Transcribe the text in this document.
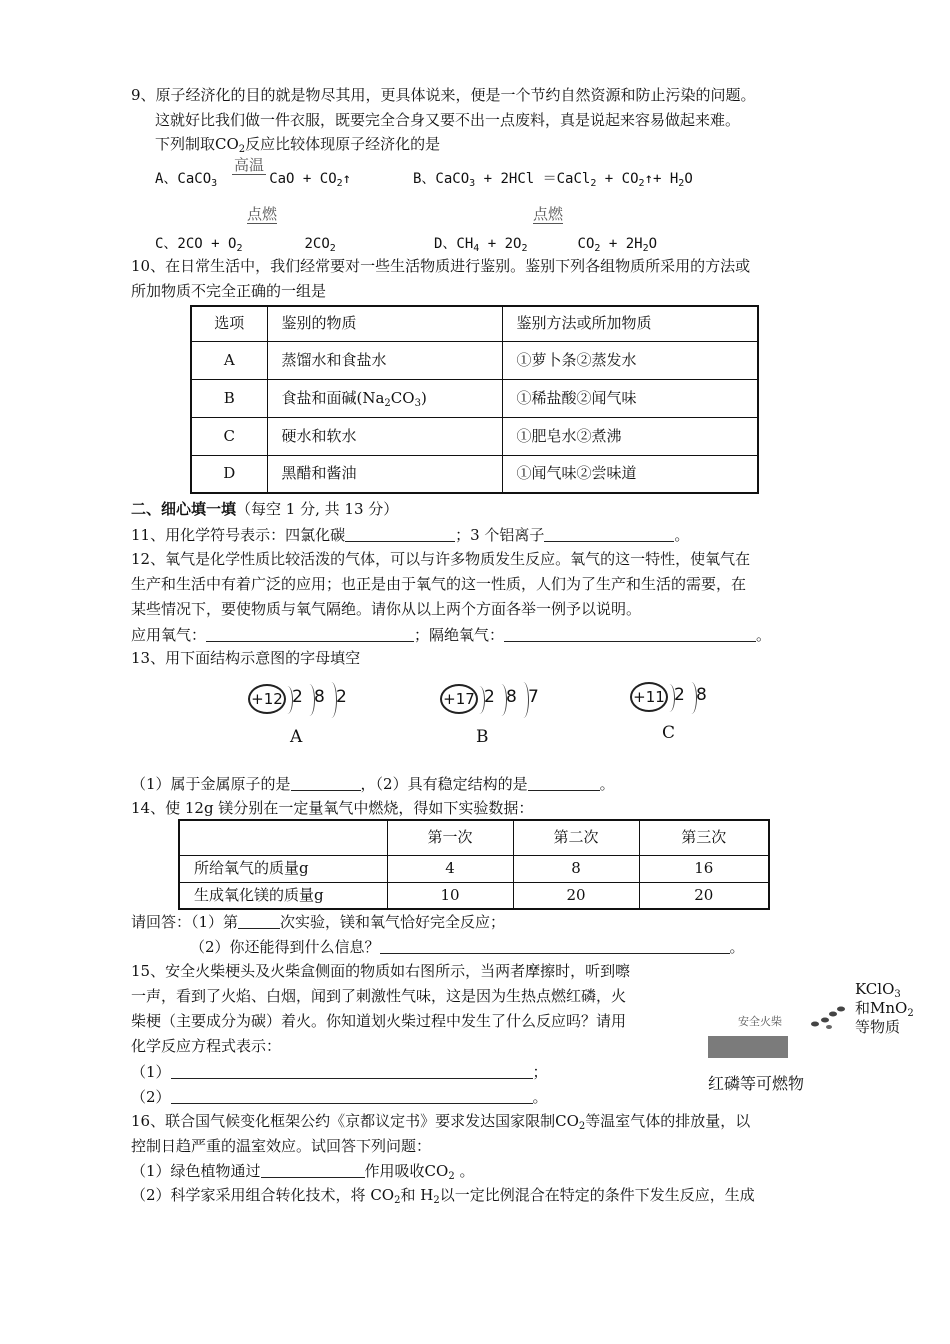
9、原子经济化的目的就是物尽其用，更具体说来，便是一个节约自然资源和防止污染的问题。
这就好比我们做一件衣服，既要完全合身又要不出一点废料，真是说起来容易做起来难。
下列制取$CO_2$反应比较体现原子经济化的是
高温
A、CaCO$_3$	CaO + $CO_2↑$	B、CaCO$_3$ + 2HCl ＝CaCl$_2$ + $CO_2↑+ H_2O$
点燃	点燃
C、$2CO + O_2$	$2CO_2$	D、$CH_4 + 2O_2$	$CO_2 + 2H_2O$
10、在日常生活中，我们经常要对一些生活物质进行鉴别。鉴别下列各组物质所采用的方法或
所加物质不完全正确的一组是
选项	鉴别的物质	鉴别方法或所加物质
A	蒸馏水和食盐水	①萝卜条②蒸发水
B	食盐和面碱$(Na_2CO_3)$	①稀盐酸②闻气味
C	硬水和软水	①肥皂水②煮沸
D	黑醋和酱油	①闻气味②尝味道
二、细心填一填（每空 1 分, 共 13 分）
11、用化学符号表示：四氯化碳	；3 个铝离子	。
12、氧气是化学性质比较活泼的气体，可以与许多物质发生反应。氧气的这一特性，使氧气在
生产和生活中有着广泛的应用；也正是由于氧气的这一性质，人们为了生产和生活的需要，在
某些情况下，要使物质与氧气隔绝。请你从以上两个方面各举一例予以说明。
应用氧气：	；隔绝氧气：	。
13、用下面结构示意图的字母填空
+12 2 8 2
A
+17 2 8 7
B
+11 2 8
C
（1）属于金属原子的是	，（2）具有稳定结构的是	。
14、使 12g 镁分别在一定量氧气中燃烧，得如下实验数据：
	第一次	第二次	第三次
所给氧气的质量g	4	8	16
生成氧化镁的质量g	10	20	20
请回答：（1）第	次实验，镁和氧气恰好完全反应；
（2）你还能得到什么信息？	。
15、安全火柴梗头及火柴盒侧面的物质如右图所示，当两者摩擦时，听到嚓
一声，看到了火焰、白烟，闻到了刺激性气味，这是因为生热点燃红磷，火
柴梗（主要成分为碳）着火。你知道划火柴过程中发生了什么反应吗？请用
化学反应方程式表示：
（1）	；
（2）	。
KClO$_3$
和MnO$_2$
等物质
安全火柴
红磷等可燃物
16、联合国气候变化框架公约《京都议定书》要求发达国家限制$CO_2$等温室气体的排放量，以
控制日趋严重的温室效应。试回答下列问题：
（1）绿色植物通过	作用吸收$CO_2$ 。
（2）科学家采用组合转化技术，将 $CO_2$和 $H_2$以一定比例混合在特定的条件下发生反应，生成
